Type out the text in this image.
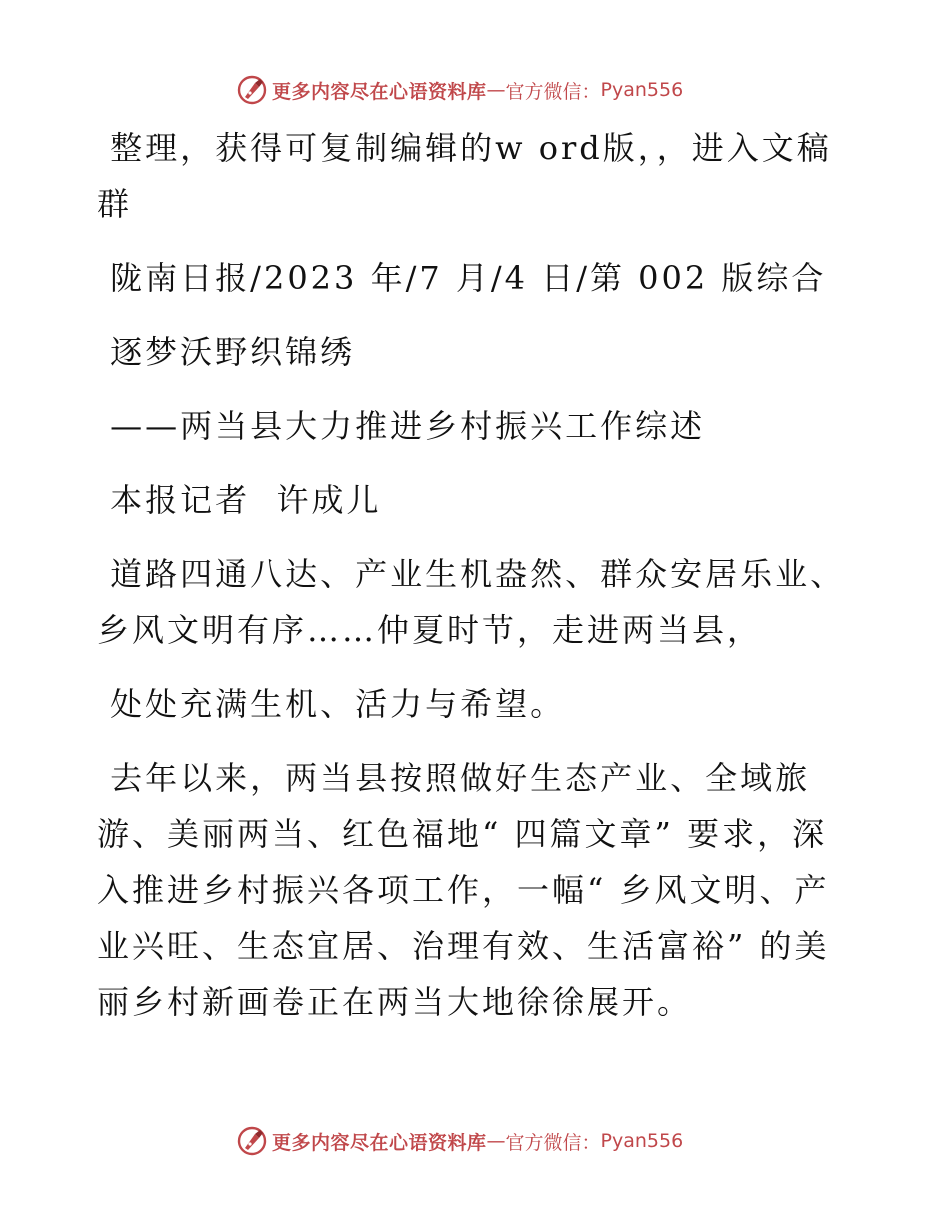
更多内容尽在心语资料库 — 官方微信： Pyan556

整理，获得可复制编辑的w ord版，，进入文稿群

陇南日报/2023 年/7 月/4 日/第 002 版综合

逐梦沃野织锦绣

——两当县大力推进乡村振兴工作综述

本报记者  许成儿

道路四通八达、产业生机盎然、群众安居乐业、乡风文明有序……仲夏时节，走进两当县，

处处充满生机、活力与希望。

去年以来，两当县按照做好生态产业、全域旅游、美丽两当、红色福地“ 四篇文章” 要求，深入推进乡村振兴各项工作，一幅“ 乡风文明、产业兴旺、生态宜居、治理有效、生活富裕” 的美丽乡村新画卷正在两当大地徐徐展开。

更多内容尽在心语资料库 — 官方微信： Pyan556
